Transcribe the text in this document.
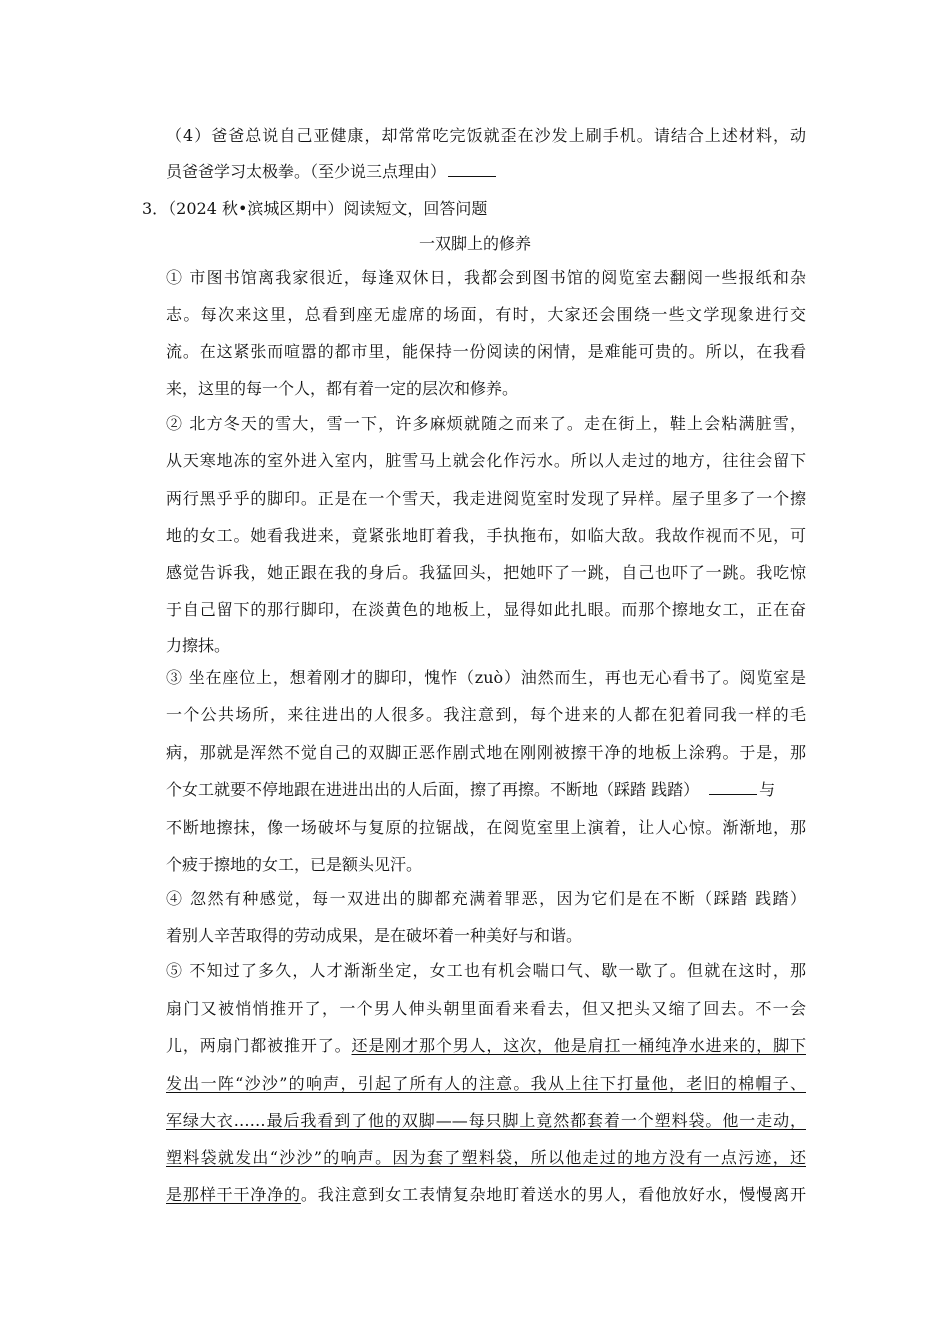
（4）爸爸总说自己亚健康，却常常吃完饭就歪在沙发上刷手机。请结合上述材料，动
员爸爸学习太极拳。（至少说三点理由）
3．（2024 秋•滨城区期中）阅读短文，回答问题
一双脚上的修养
① 市图书馆离我家很近，每逢双休日，我都会到图书馆的阅览室去翻阅一些报纸和杂
志。每次来这里，总看到座无虚席的场面，有时，大家还会围绕一些文学现象进行交
流。在这紧张而喧嚣的都市里，能保持一份阅读的闲情，是难能可贵的。所以，在我看
来，这里的每一个人，都有着一定的层次和修养。
② 北方冬天的雪大，雪一下，许多麻烦就随之而来了。走在街上，鞋上会粘满脏雪，
从天寒地冻的室外进入室内，脏雪马上就会化作污水。所以人走过的地方，往往会留下
两行黑乎乎的脚印。正是在一个雪天，我走进阅览室时发现了异样。屋子里多了一个擦
地的女工。她看我进来，竟紧张地盯着我，手执拖布，如临大敌。我故作视而不见，可
感觉告诉我，她正跟在我的身后。我猛回头，把她吓了一跳，自己也吓了一跳。我吃惊
于自己留下的那行脚印，在淡黄色的地板上，显得如此扎眼。而那个擦地女工，正在奋
力擦抹。
③ 坐在座位上，想着刚才的脚印，愧怍（zuò）油然而生，再也无心看书了。阅览室是
一个公共场所，来往进出的人很多。我注意到，每个进来的人都在犯着同我一样的毛
病，那就是浑然不觉自己的双脚正恶作剧式地在刚刚被擦干净的地板上涂鸦。于是，那
个女工就要不停地跟在进进出出的人后面，擦了再擦。不断地（踩踏 践踏）	与
不断地擦抹，像一场破坏与复原的拉锯战，在阅览室里上演着，让人心惊。渐渐地，那
个疲于擦地的女工，已是额头见汗。
④ 忽然有种感觉，每一双进出的脚都充满着罪恶，因为它们是在不断（踩踏 践踏）
着别人辛苦取得的劳动成果，是在破坏着一种美好与和谐。
⑤ 不知过了多久，人才渐渐坐定，女工也有机会喘口气、歇一歇了。但就在这时，那
扇门又被悄悄推开了，一个男人伸头朝里面看来看去，但又把头又缩了回去。不一会
儿，两扇门都被推开了。还是刚才那个男人，这次，他是肩扛一桶纯净水进来的，脚下
发出一阵“沙沙”的响声，引起了所有人的注意。我从上往下打量他，老旧的棉帽子、
军绿大衣……最后我看到了他的双脚——每只脚上竟然都套着一个塑料袋。他一走动，
塑料袋就发出“沙沙”的响声。因为套了塑料袋，所以他走过的地方没有一点污迹，还
是那样干干净净的。我注意到女工表情复杂地盯着送水的男人，看他放好水，慢慢离开
